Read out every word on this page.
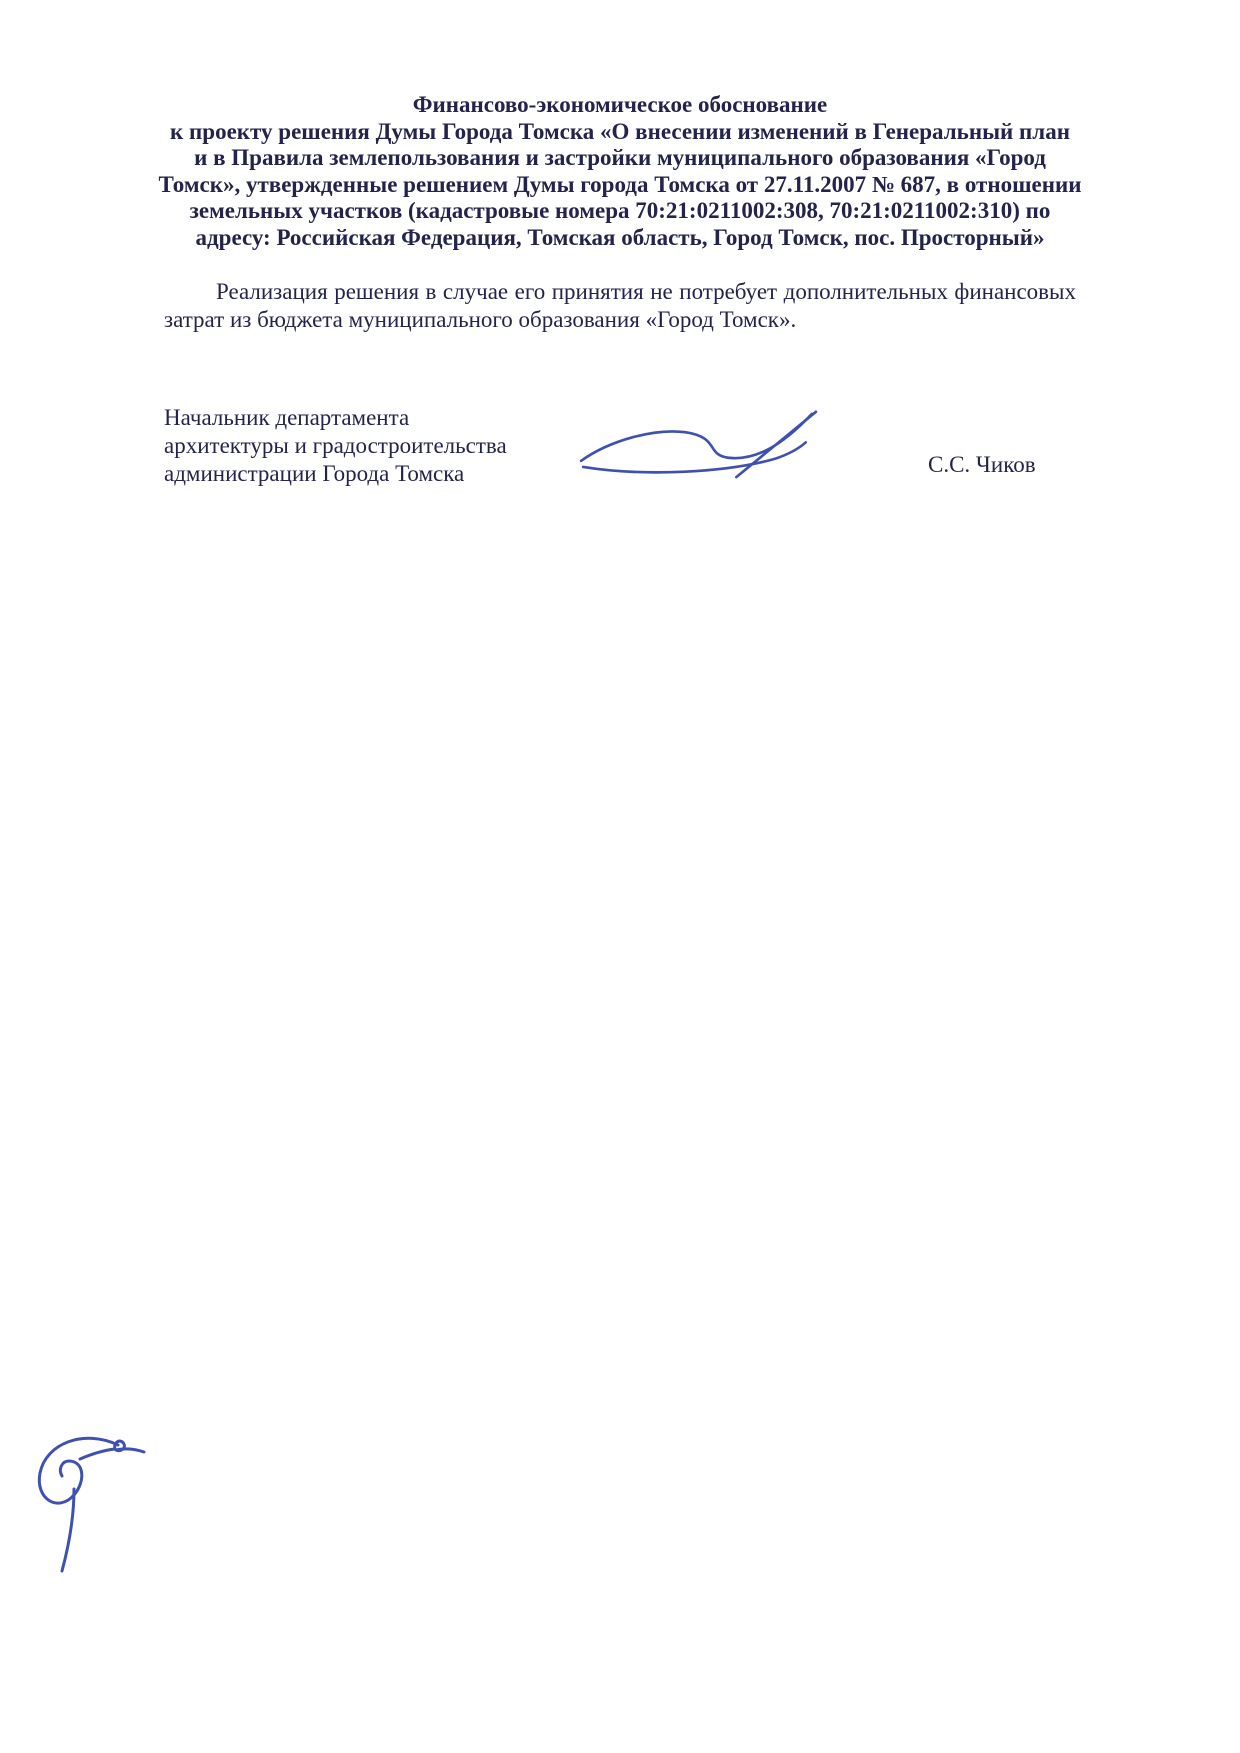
Финансово-экономическое обоснование
к проекту решения Думы Города Томска «О внесении изменений в Генеральный план
и в Правила землепользования и застройки муниципального образования «Город
Томск», утвержденные решением Думы города Томска от 27.11.2007 № 687, в отношении
земельных участков (кадастровые номера 70:21:0211002:308, 70:21:0211002:310) по
адресу: Российская Федерация, Томская область, Город Томск, пос. Просторный»

Реализация решения в случае его принятия не потребует дополнительных финансовых затрат из бюджета муниципального образования «Город Томск».

Начальник департамента
архитектуры и градостроительства
администрации Города Томска	С.С. Чиков
